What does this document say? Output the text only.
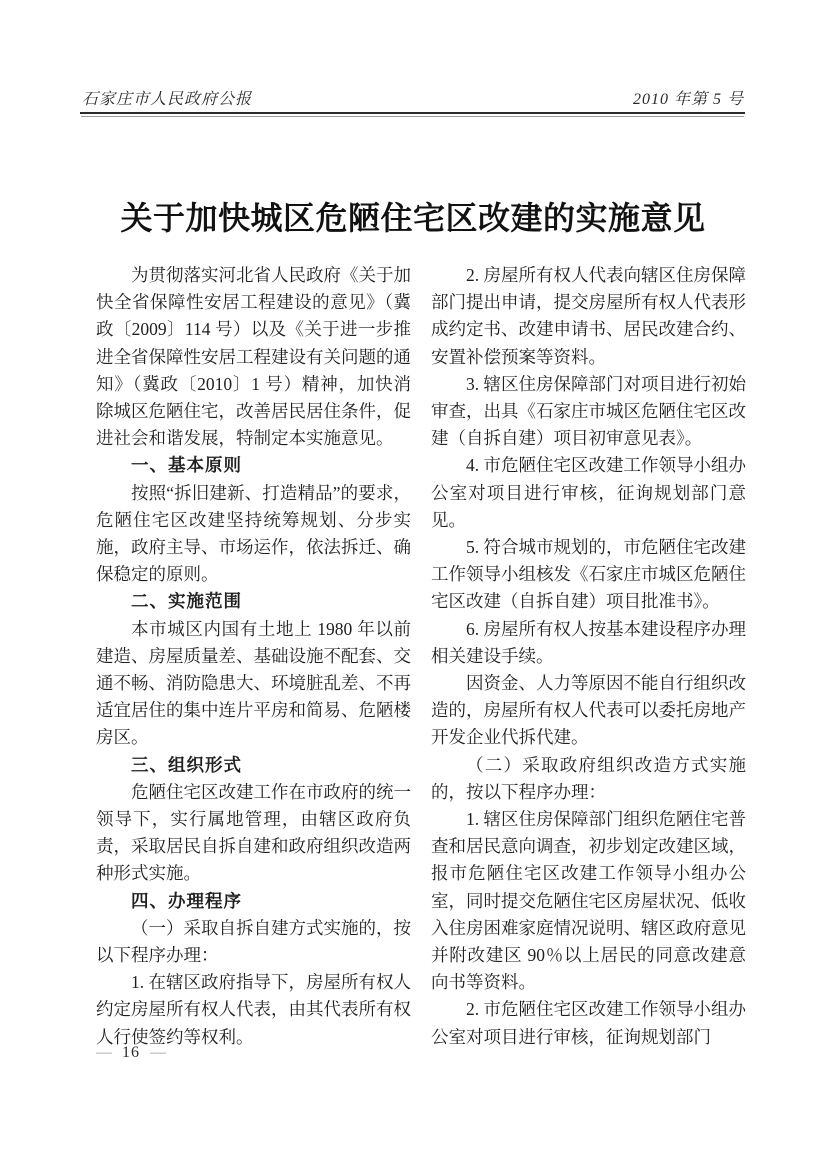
石家庄市人民政府公报	2010 年第 5 号
关于加快城区危陋住宅区改建的实施意见

为贯彻落实河北省人民政府《关于加快全省保障性安居工程建设的意见》（冀政〔2009〕114 号）以及《关于进一步推进全省保障性安居工程建设有关问题的通知》（冀政〔2010〕1 号）精神，加快消除城区危陋住宅，改善居民居住条件，促进社会和谐发展，特制定本实施意见。

一、基本原则

按照“拆旧建新、打造精品”的要求，危陋住宅区改建坚持统筹规划、分步实施，政府主导、市场运作，依法拆迁、确保稳定的原则。

二、实施范围

本市城区内国有土地上 1980 年以前建造、房屋质量差、基础设施不配套、交通不畅、消防隐患大、环境脏乱差、不再适宜居住的集中连片平房和简易、危陋楼房区。

三、组织形式

危陋住宅区改建工作在市政府的统一领导下，实行属地管理，由辖区政府负责，采取居民自拆自建和政府组织改造两种形式实施。

四、办理程序

（一）采取自拆自建方式实施的，按以下程序办理：

1. 在辖区政府指导下，房屋所有权人约定房屋所有权人代表，由其代表所有权人行使签约等权利。

2. 房屋所有权人代表向辖区住房保障部门提出申请，提交房屋所有权人代表形成约定书、改建申请书、居民改建合约、安置补偿预案等资料。

3. 辖区住房保障部门对项目进行初始审查，出具《石家庄市城区危陋住宅区改建（自拆自建）项目初审意见表》。

4. 市危陋住宅区改建工作领导小组办公室对项目进行审核，征询规划部门意见。

5. 符合城市规划的，市危陋住宅改建工作领导小组核发《石家庄市城区危陋住宅区改建（自拆自建）项目批准书》。

6. 房屋所有权人按基本建设程序办理相关建设手续。

因资金、人力等原因不能自行组织改造的，房屋所有权人代表可以委托房地产开发企业代拆代建。

（二）采取政府组织改造方式实施的，按以下程序办理：

1. 辖区住房保障部门组织危陋住宅普查和居民意向调查，初步划定改建区域，报市危陋住宅区改建工作领导小组办公室，同时提交危陋住宅区房屋状况、低收入住房困难家庭情况说明、辖区政府意见并附改建区 90％以上居民的同意改建意向书等资料。

2. 市危陋住宅区改建工作领导小组办公室对项目进行审核，征询规划部门

— 16 —
